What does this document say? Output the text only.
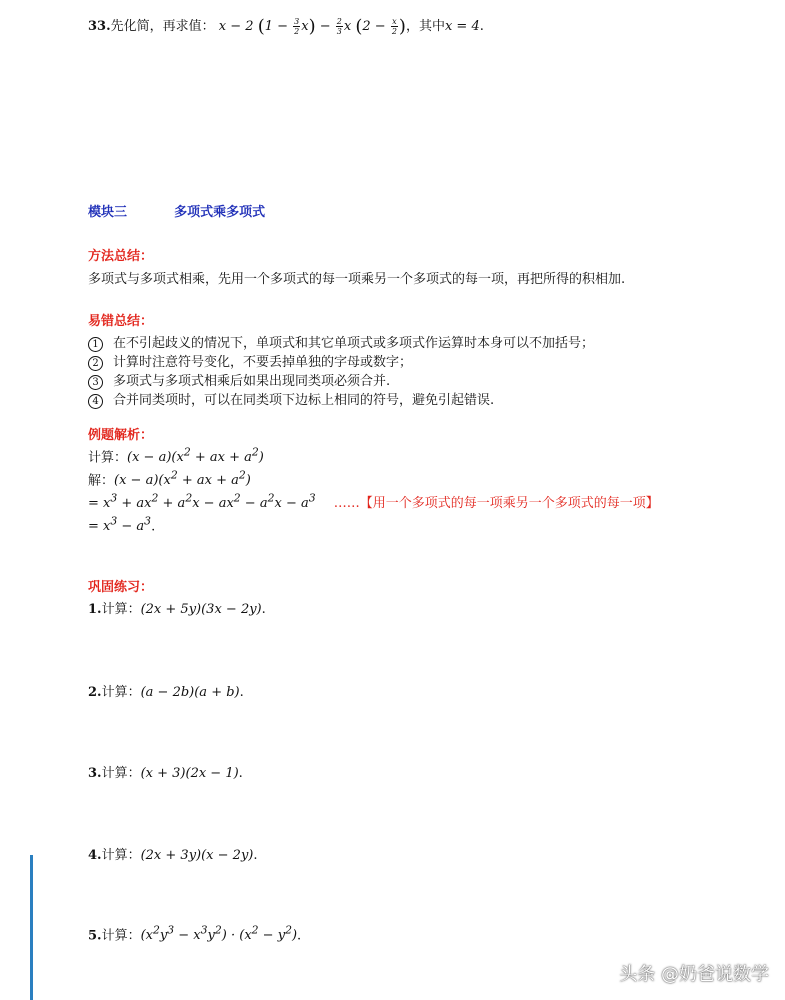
33.先化简，再求值： x − 2 $(1 - \frac{3}{2} x) - \frac{2}{3}$ x ($2 - \frac{x}{2}$ )，其中x = 4.
模块三	多项式乘多项式
方法总结：
多项式与多项式相乘，先用一个多项式的每一项乘另一个多项式的每一项，再把所得的积相加.
易错总结：
1 在不引起歧义的情况下，单项式和其它单项式或多项式作运算时本身可以不加括号；
2 计算时注意符号变化，不要丢掉单独的字母或数字；
3 多项式与多项式相乘后如果出现同类项必须合并.
4 合并同类项时，可以在同类项下边标上相同的符号，避免引起错误.
例题解析：
计算：$(x - a)(x^2$ + ax + $a^2$)
解：$(x - a)(x^2$ + ax + $a^2$)
= $x^3 + ax^2 + a^2x - ax^2 - a^2x - a^3$ ……【用一个多项式的每一项乘另一个多项式的每一项】
= $x^3 - a^3$.
巩固练习：
1.计算：(2x + 5y)(3x − 2y).
2.计算：(a − 2b)(a + b).
3.计算：(x + 3)(2x − 1).
4.计算：(2x + 3y)(x − 2y).
5.计算：$(x^2y^3 - x^3y^2) \cdot (x^2 - y^2)$.
头条 @奶爸说数学
